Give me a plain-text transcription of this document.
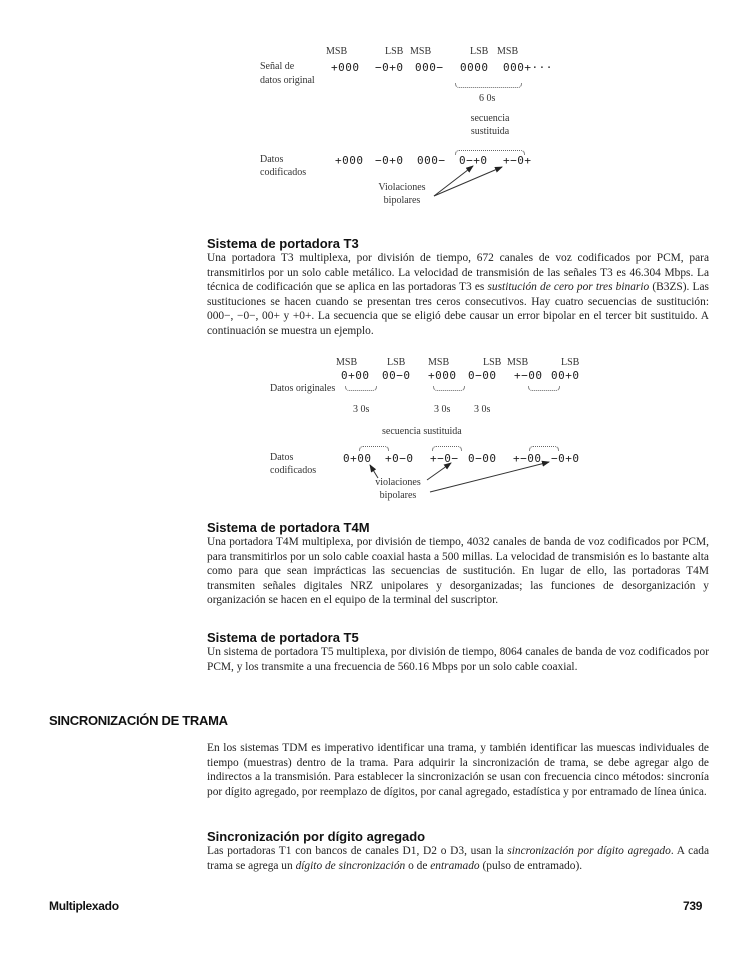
MSB	LSB MSB	LSB MSB
Señal de
datos original
+000 −0+0 000− 0000 000+···
6 0s
secuencia
sustituida
Datos
codificados
+000 −0+0 000− 0−+0 +−0+
Violaciones
bipolares
MSB	LSB MSB	LSB MSB	LSB
0+00 00−0 +000 0−00 +−00 00+0
Datos originales
3 0s	3 0s 3 0s
secuencia sustituida
Datos
codificados
0+00 +0−0 +−0− 0−00 +−00 −0+0
violaciones
bipolares
Sistema de portadora T3

Una portadora T3 multiplexa, por división de tiempo, 672 canales de voz codificados por PCM, para transmitirlos por un solo cable metálico. La velocidad de transmisión de las señales T3 es 46.304 Mbps. La técnica de codificación que se aplica en las portadoras T3 es sustitución de cero por tres binario (B3ZS). Las sustituciones se hacen cuando se presentan tres ceros consecutivos. Hay cuatro secuencias de sustitución: 000−, −0−, 00+ y +0+. La secuencia que se eligió debe causar un error bipolar en el tercer bit sustituido. A continuación se muestra un ejemplo.

Sistema de portadora T4M
Una portadora T4M multiplexa, por división de tiempo, 4032 canales de banda de voz codificados por PCM, para transmitirlos por un solo cable coaxial hasta a 500 millas. La velocidad de transmisión es lo bastante alta como para que sean imprácticas las secuencias de sustitución. En lugar de ello, las portadoras T4M transmiten señales digitales NRZ unipolares y desorganizadas; las funciones de desorganización y organización se hacen en el equipo de la terminal del suscriptor.
Sistema de portadora T5
Un sistema de portadora T5 multiplexa, por división de tiempo, 8064 canales de banda de voz codificados por PCM, y los transmite a una frecuencia de 560.16 Mbps por un solo cable coaxial.
SINCRONIZACIÓN DE TRAMA
En los sistemas TDM es imperativo identificar una trama, y también identificar las muescas individuales de tiempo (muestras) dentro de la trama. Para adquirir la sincronización de trama, se debe agregar algo de indirectos a la transmisión. Para establecer la sincronización se usan con frecuencia cinco métodos: sincronía por dígito agregado, por reemplazo de dígitos, por canal agregado, estadística y por entramado de línea única.
Sincronización por dígito agregado

Las portadoras T1 con bancos de canales D1, D2 o D3, usan la sincronización por dígito agregado. A cada trama se agrega un dígito de sincronización o de entramado (pulso de entramado).

Multiplexado	739
